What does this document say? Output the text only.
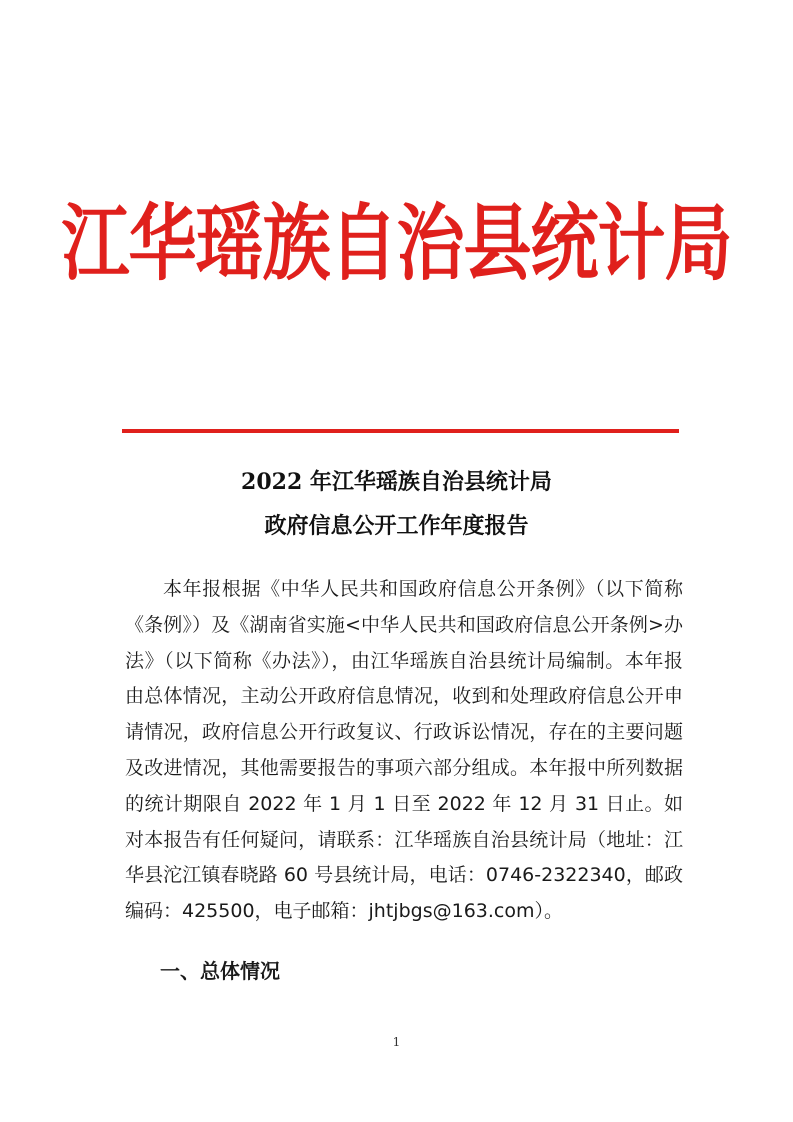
江华瑶族自治县统计局
2022 年江华瑶族自治县统计局
政府信息公开工作年度报告

本年报根据《中华人民共和国政府信息公开条例》（以下简称《条例》）及《湖南省实施<中华人民共和国政府信息公开条例>办法》（以下简称《办法》），由江华瑶族自治县统计局编制。本年报由总体情况，主动公开政府信息情况，收到和处理政府信息公开申请情况，政府信息公开行政复议、行政诉讼情况，存在的主要问题及改进情况，其他需要报告的事项六部分组成。本年报中所列数据的统计期限自 2022 年 1 月 1 日至 2022 年 12 月 31 日止。如对本报告有任何疑问，请联系：江华瑶族自治县统计局（地址：江华县沱江镇春晓路 60 号县统计局，电话：0746-2322340，邮政编码：425500，电子邮箱：jhtjbgs@163.com）。

一、总体情况

1
